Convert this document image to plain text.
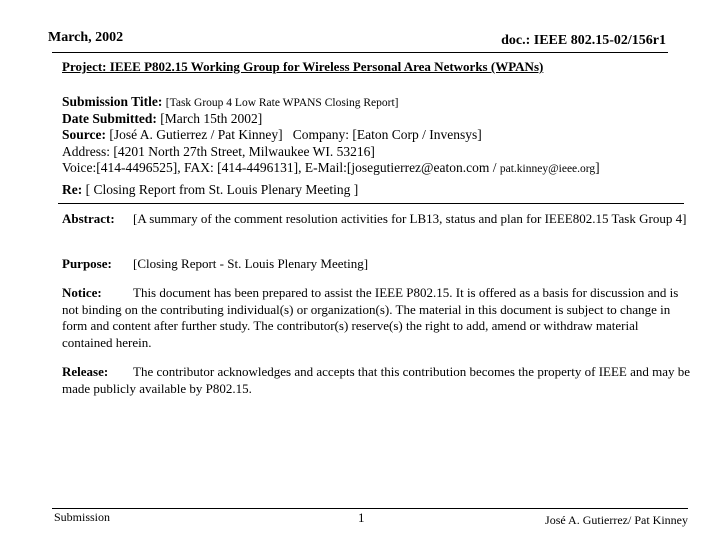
March, 2002	doc.: IEEE 802.15-02/156r1
Project: IEEE P802.15 Working Group for Wireless Personal Area Networks (WPANs)
Submission Title: [Task Group 4 Low Rate WPANS Closing Report]
Date Submitted: [March 15th 2002]
Source: [José A. Gutierrez / Pat Kinney] Company: [Eaton Corp / Invensys]
Address: [4201 North 27th Street, Milwaukee WI. 53216]
Voice:[414-4496525], FAX: [414-4496131], E-Mail:[josegutierrez@eaton.com / pat.kinney@ieee.org]
Re: [ Closing Report from St. Louis Plenary Meeting ]
Abstract: [A summary of the comment resolution activities for LB13, status and plan for IEEE802.15 Task Group 4]
Purpose: [Closing Report - St. Louis Plenary Meeting]
Notice: This document has been prepared to assist the IEEE P802.15. It is offered as a basis for discussion and is not binding on the contributing individual(s) or organization(s). The material in this document is subject to change in form and content after further study. The contributor(s) reserve(s) the right to add, amend or withdraw material contained herein.
Release: The contributor acknowledges and accepts that this contribution becomes the property of IEEE and may be made publicly available by P802.15.
Submission	1	José A. Gutierrez/ Pat Kinney
